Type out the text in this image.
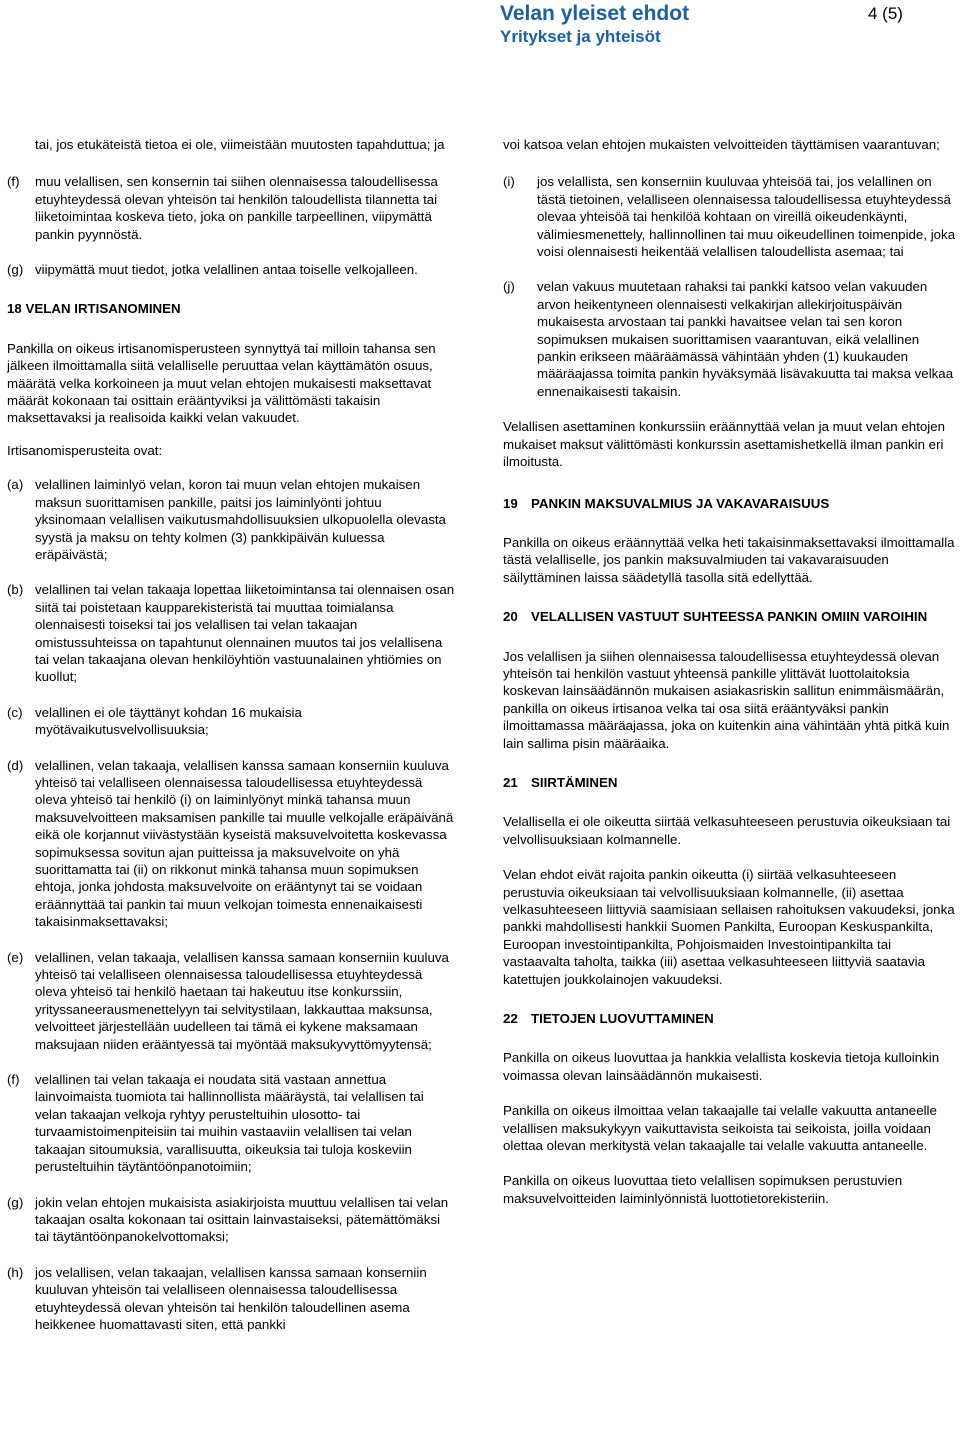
Velan yleiset ehdot	4 (5)
Yritykset ja yhteisöt

tai, jos etukäteistä tietoa ei ole, viimeistään muutosten tapahduttua; ja

(f) muu velallisen, sen konsernin tai siihen olennaisessa taloudellisessa etuyhteydessä olevan yhteisön tai henkilön taloudellista tilannetta tai liiketoimintaa koskeva tieto, joka on pankille tarpeellinen, viipymättä pankin pyynnöstä.
(g) viipymättä muut tiedot, jotka velallinen antaa toiselle velkojalleen.

18 VELAN IRTISANOMINEN

Pankilla on oikeus irtisanomisperusteen synnyttyä tai milloin tahansa sen jälkeen ilmoittamalla siitä velalliselle peruuttaa velan käyttämätön osuus, määrätä velka korkoineen ja muut velan ehtojen mukaisesti maksettavat määrät kokonaan tai osittain erääntyviksi ja välittömästi takaisin maksettavaksi ja realisoida kaikki velan vakuudet.

Irtisanomisperusteita ovat:

(a) velallinen laiminlyö velan, koron tai muun velan ehtojen mukaisen maksun suorittamisen pankille, paitsi jos laiminlyönti johtuu yksinomaan velallisen vaikutusmahdollisuuksien ulkopuolella olevasta syystä ja maksu on tehty kolmen (3) pankkipäivän kuluessa eräpäivästä;
(b) velallinen tai velan takaaja lopettaa liiketoimintansa tai olennaisen osan siitä tai poistetaan kaupparekisteristä tai muuttaa toimialansa olennaisesti toiseksi tai jos velallisen tai velan takaajan omistussuhteissa on tapahtunut olennainen muutos tai jos velallisena tai velan takaajana olevan henkilöyhtiön vastuunalainen yhtiömies on kuollut;
(c) velallinen ei ole täyttänyt kohdan 16 mukaisia myötävaikutusvelvollisuuksia;
(d) velallinen, velan takaaja, velallisen kanssa samaan konserniin kuuluva yhteisö tai velalliseen olennaisessa taloudellisessa etuyhteydessä oleva yhteisö tai henkilö (i) on laiminlyönyt minkä tahansa muun maksuvelvoitteen maksamisen pankille tai muulle velkojalle eräpäivänä eikä ole korjannut viivästystään kyseistä maksuvelvoitetta koskevassa sopimuksessa sovitun ajan puitteissa ja maksuvelvoite on yhä suorittamatta tai (ii) on rikkonut minkä tahansa muun sopimuksen ehtoja, jonka johdosta maksuvelvoite on erääntynyt tai se voidaan eräännyttää tai pankin tai muun velkojan toimesta ennenaikaisesti takaisinmaksettavaksi;
(e) velallinen, velan takaaja, velallisen kanssa samaan konserniin kuuluva yhteisö tai velalliseen olennaisessa taloudellisessa etuyhteydessä oleva yhteisö tai henkilö haetaan tai hakeutuu itse konkurssiin, yrityssaneerausmenettelyyn tai selvitystilaan, lakkauttaa maksunsa, velvoitteet järjestellään uudelleen tai tämä ei kykene maksamaan maksujaan niiden erääntyessä tai myöntää maksukyvyttömyytensä;
(f) velallinen tai velan takaaja ei noudata sitä vastaan annettua lainvoimaista tuomiota tai hallinnollista määräystä, tai velallisen tai velan takaajan velkoja ryhtyy perusteltuihin ulosotto- tai turvaamistoimenpiteisiin tai muihin vastaaviin velallisen tai velan takaajan sitoumuksia, varallisuutta, oikeuksia tai tuloja koskeviin perusteltuihin täytäntöönpanotoimiin;
(g) jokin velan ehtojen mukaisista asiakirjoista muuttuu velallisen tai velan takaajan osalta kokonaan tai osittain lainvastaiseksi, pätemättömäksi tai täytäntöönpanokelvottomaksi;
(h) jos velallisen, velan takaajan, velallisen kanssa samaan konserniin kuuluvan yhteisön tai velalliseen olennaisessa taloudellisessa etuyhteydessä olevan yhteisön tai henkilön taloudellinen asema heikkenee huomattavasti siten, että pankki

voi katsoa velan ehtojen mukaisten velvoitteiden täyttämisen vaarantuvan;

(i) jos velallista, sen konserniin kuuluvaa yhteisöä tai, jos velallinen on tästä tietoinen, velalliseen olennaisessa taloudellisessa etuyhteydessä olevaa yhteisöä tai henkilöä kohtaan on vireillä oikeudenkäynti, välimiesmenettely, hallinnollinen tai muu oikeudellinen toimenpide, joka voisi olennaisesti heikentää velallisen taloudellista asemaa; tai
(j) velan vakuus muutetaan rahaksi tai pankki katsoo velan vakuuden arvon heikentyneen olennaisesti velkakirjan allekirjoituspäivän mukaisesta arvostaan tai pankki havaitsee velan tai sen koron sopimuksen mukaisen suorittamisen vaarantuvan, eikä velallinen pankin erikseen määräämässä vähintään yhden (1) kuukauden määräajassa toimita pankin hyväksymää lisävakuutta tai maksa velkaa ennenaikaisesti takaisin.

Velallisen asettaminen konkurssiin eräännyttää velan ja muut velan ehtojen mukaiset maksut välittömästi konkurssin asettamishetkellä ilman pankin eri ilmoitusta.

19 PANKIN MAKSUVALMIUS JA VAKAVARAISUUS

Pankilla on oikeus eräännyttää velka heti takaisinmaksettavaksi ilmoittamalla tästä velalliselle, jos pankin maksuvalmiuden tai vakavaraisuuden säilyttäminen laissa säädetyllä tasolla sitä edellyttää.

20 VELALLISEN VASTUUT SUHTEESSA PANKIN OMIIN VAROIHIN

Jos velallisen ja siihen olennaisessa taloudellisessa etuyhteydessä olevan yhteisön tai henkilön vastuut yhteensä pankille ylittävät luottolaitoksia koskevan lainsäädännön mukaisen asiakasriskin sallitun enimmäismäärän, pankilla on oikeus irtisanoa velka tai osa siitä erääntyväksi pankin ilmoittamassa määräajassa, joka on kuitenkin aina vähintään yhtä pitkä kuin lain sallima pisin määräaika.

21 SIIRTÄMINEN

Velallisella ei ole oikeutta siirtää velkasuhteeseen perustuvia oikeuksiaan tai velvollisuuksiaan kolmannelle.

Velan ehdot eivät rajoita pankin oikeutta (i) siirtää velkasuhteeseen perustuvia oikeuksiaan tai velvollisuuksiaan kolmannelle, (ii) asettaa velkasuhteeseen liittyviä saamisiaan sellaisen rahoituksen vakuudeksi, jonka pankki mahdollisesti hankkii Suomen Pankilta, Euroopan Keskuspankilta, Euroopan investointipankilta, Pohjoismaiden Investointipankilta tai vastaavalta taholta, taikka (iii) asettaa velkasuhteeseen liittyviä saatavia katettujen joukkolainojen vakuudeksi.

22 TIETOJEN LUOVUTTAMINEN

Pankilla on oikeus luovuttaa ja hankkia velallista koskevia tietoja kulloinkin voimassa olevan lainsäädännön mukaisesti.

Pankilla on oikeus ilmoittaa velan takaajalle tai velalle vakuutta antaneelle velallisen maksukykyyn vaikuttavista seikoista tai seikoista, joilla voidaan olettaa olevan merkitystä velan takaajalle tai velalle vakuutta antaneelle.

Pankilla on oikeus luovuttaa tieto velallisen sopimuksen perustuvien maksuvelvoitteiden laiminlyönnistä luottotietorekisteriin.
